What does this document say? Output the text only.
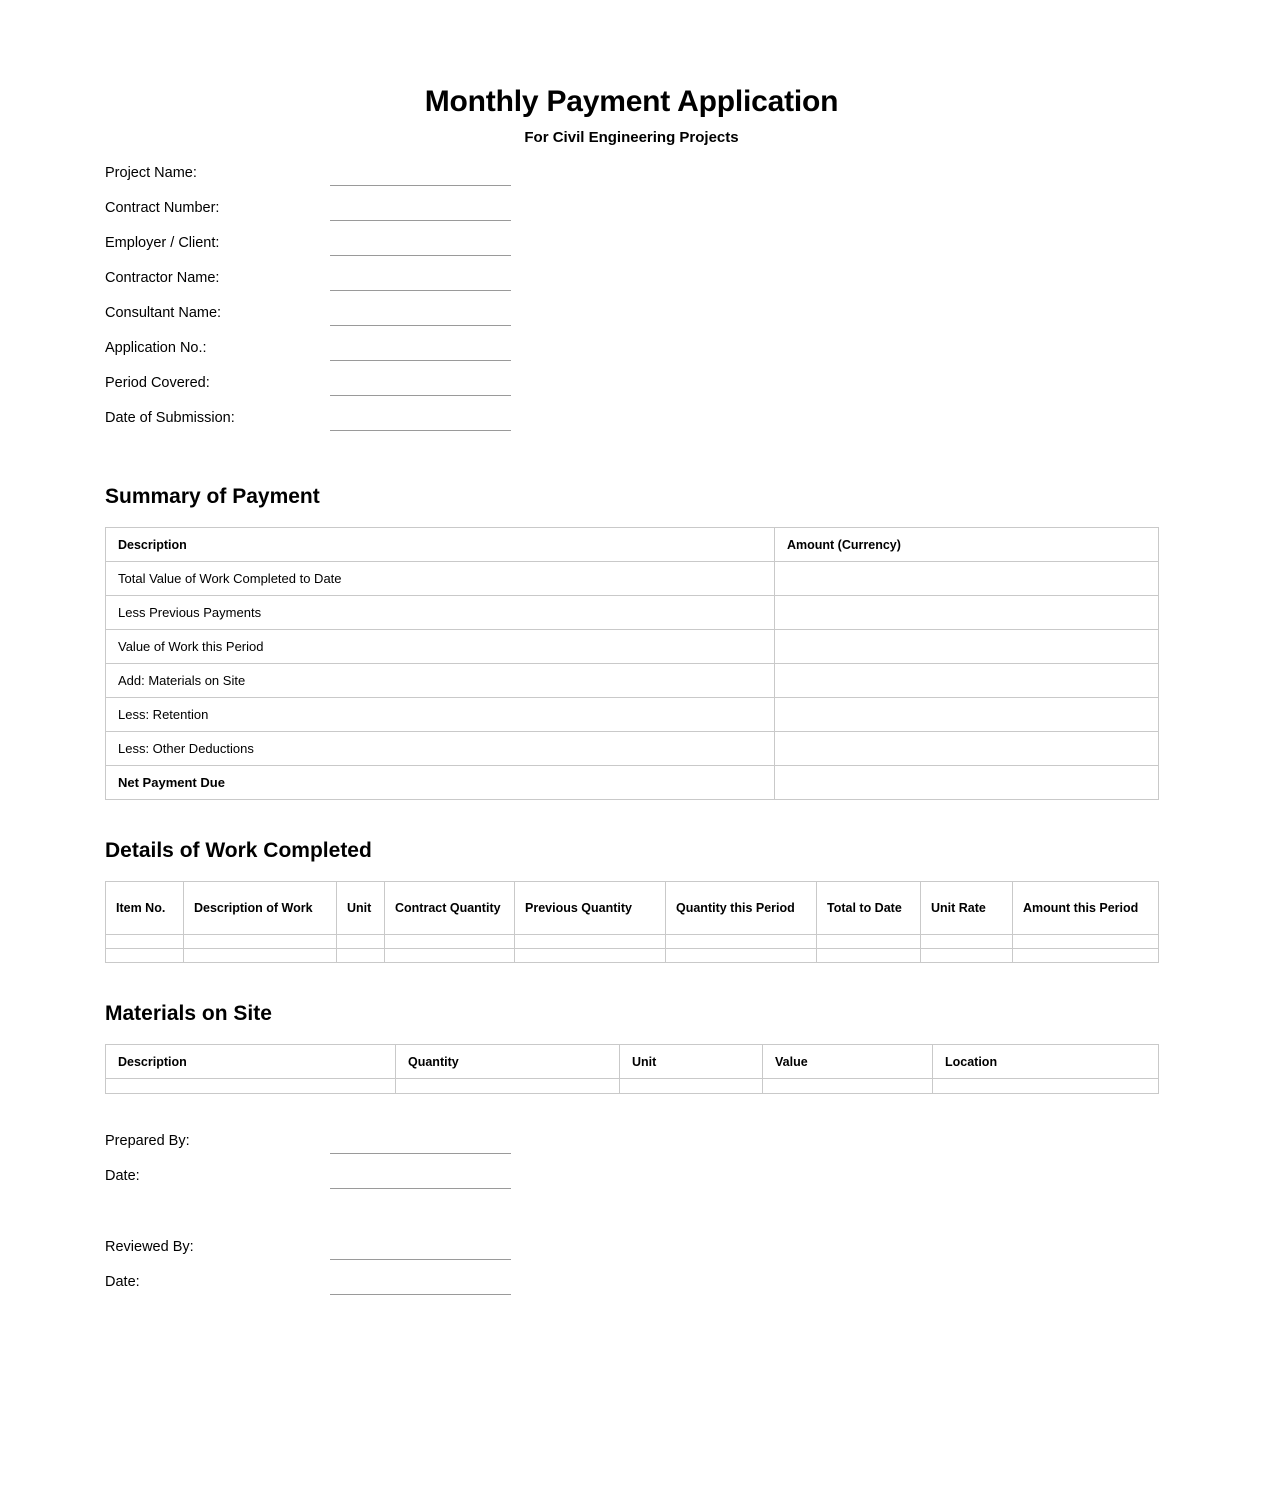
Monthly Payment Application
For Civil Engineering Projects
Project Name:
Contract Number:
Employer / Client:
Contractor Name:
Consultant Name:
Application No.:
Period Covered:
Date of Submission:
Summary of Payment
Description	Amount (Currency)
Total Value of Work Completed to Date	
Less Previous Payments	
Value of Work this Period	
Add: Materials on Site	
Less: Retention	
Less: Other Deductions	
Net Payment Due	
Details of Work Completed
Item No.	Description of Work	Unit	Contract Quantity	Previous Quantity	Quantity this Period	Total to Date	Unit Rate	Amount this Period

Materials on Site
Description	Quantity	Unit	Value	Location

Prepared By:
Date:
Reviewed By:
Date:
